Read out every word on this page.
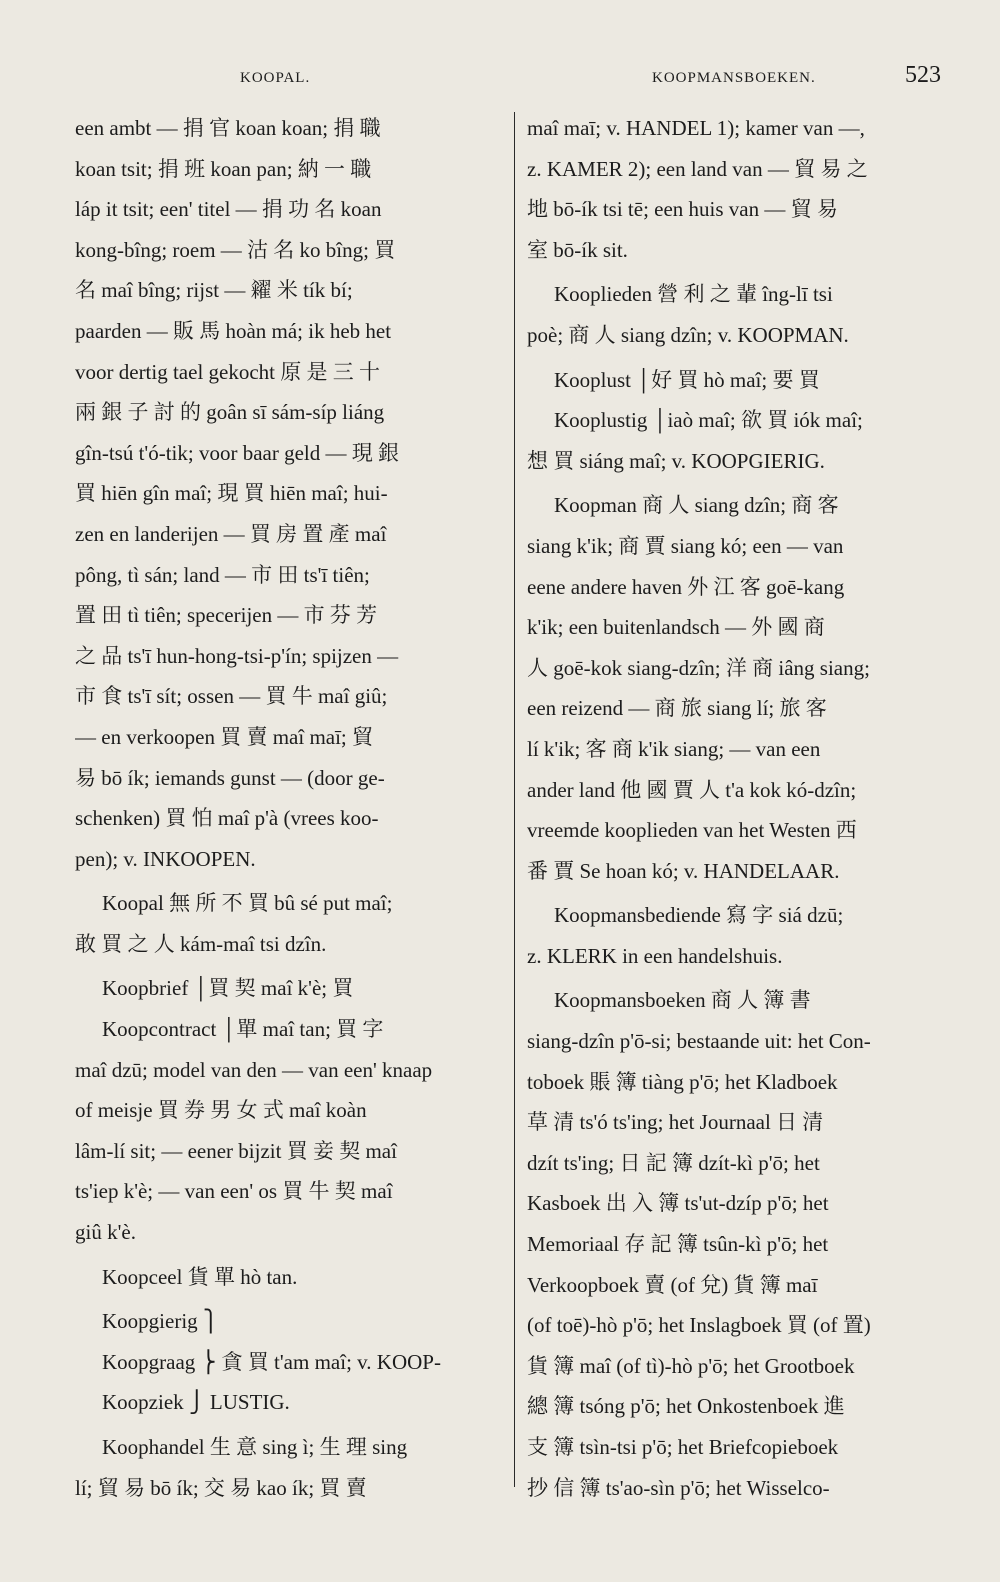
KOOPAL.	KOOPMANSBOEKEN.	523
een ambt — 捐 官 koan koan; 捐 職
koan tsit; 捐 班 koan pan; 納 一 職
láp it tsit; een' titel — 捐 功 名 koan
kong-bîng; roem — 沽 名 ko bîng; 買
名 maî bîng; rijst — 糴 米 tík bí;
paarden — 販 馬 hoàn má; ik heb het
voor dertig tael gekocht 原 是 三 十
兩 銀 子 討 的 goân sī sám-síp liáng
gîn-tsú t'ó-tik; voor baar geld — 現 銀
買 hiēn gîn maî; 現 買 hiēn maî; hui-
zen en landerijen — 買 房 置 產 maî
pông, tì sán; land — 市 田 ts'ī tiên;
置 田 tì tiên; specerijen — 市 芬 芳
之 品 ts'ī hun-hong-tsi-p'ín; spijzen —
市 食 ts'ī sít; ossen — 買 牛 maî giû;
— en verkoopen 買 賣 maî maī; 貿
易 bō ík; iemands gunst — (door ge-
schenken) 買 怕 maî p'à (vrees koo-
pen); v. INKOOPEN.
Koopal 無 所 不 買 bû sé put maî;
敢 買 之 人 kám-maî tsi dzîn.
Koopbrief │買 契 maî k'è; 買
Koopcontract │單 maî tan; 買 字
maî dzū; model van den — van een' knaap
of meisje 買 券 男 女 式 maî koàn
lâm-lí sit; — eener bijzit 買 妾 契 maî
ts'iep k'è; — van een' os 買 牛 契 maî
giû k'è.
Koopceel 貨 單 hò tan.
Koopgierig ⎫
Koopgraag ⎬ 貪 買 t'am maî; v. KOOP-
Koopziek ⎭ LUSTIG.
Koophandel 生 意 sing ì; 生 理 sing
lí; 貿 易 bō ík; 交 易 kao ík; 買 賣
maî maī; v. HANDEL 1); kamer van —,
z. KAMER 2); een land van — 貿 易 之
地 bō-ík tsi tē; een huis van — 貿 易
室 bō-ík sit.
Kooplieden 營 利 之 輩 îng-lī tsi
poè; 商 人 siang dzîn; v. KOOPMAN.
Kooplust │好 買 hò maî; 要 買
Kooplustig │iaò maî; 欲 買 iók maî;
想 買 siáng maî; v. KOOPGIERIG.
Koopman 商 人 siang dzîn; 商 客
siang k'ik; 商 賈 siang kó; een — van
eene andere haven 外 江 客 goē-kang
k'ik; een buitenlandsch — 外 國 商
人 goē-kok siang-dzîn; 洋 商 iâng siang;
een reizend — 商 旅 siang lí; 旅 客
lí k'ik; 客 商 k'ik siang; — van een
ander land 他 國 賈 人 t'a kok kó-dzîn;
vreemde kooplieden van het Westen 西
番 賈 Se hoan kó; v. HANDELAAR.
Koopmansbediende 寫 字 siá dzū;
z. KLERK in een handelshuis.
Koopmansboeken 商 人 簿 書
siang-dzîn p'ō-si; bestaande uit: het Con-
toboek 賬 簿 tiàng p'ō; het Kladboek
草 清 ts'ó ts'ing; het Journaal 日 清
dzít ts'ing; 日 記 簿 dzít-kì p'ō; het
Kasboek 出 入 簿 ts'ut-dzíp p'ō; het
Memoriaal 存 記 簿 tsûn-kì p'ō; het
Verkoopboek 賣 (of 兌) 貨 簿 maī
(of toē)-hò p'ō; het Inslagboek 買 (of 置)
貨 簿 maî (of tì)-hò p'ō; het Grootboek
總 簿 tsóng p'ō; het Onkostenboek 進
支 簿 tsìn-tsi p'ō; het Briefcopieboek
抄 信 簿 ts'ao-sìn p'ō; het Wisselco-
